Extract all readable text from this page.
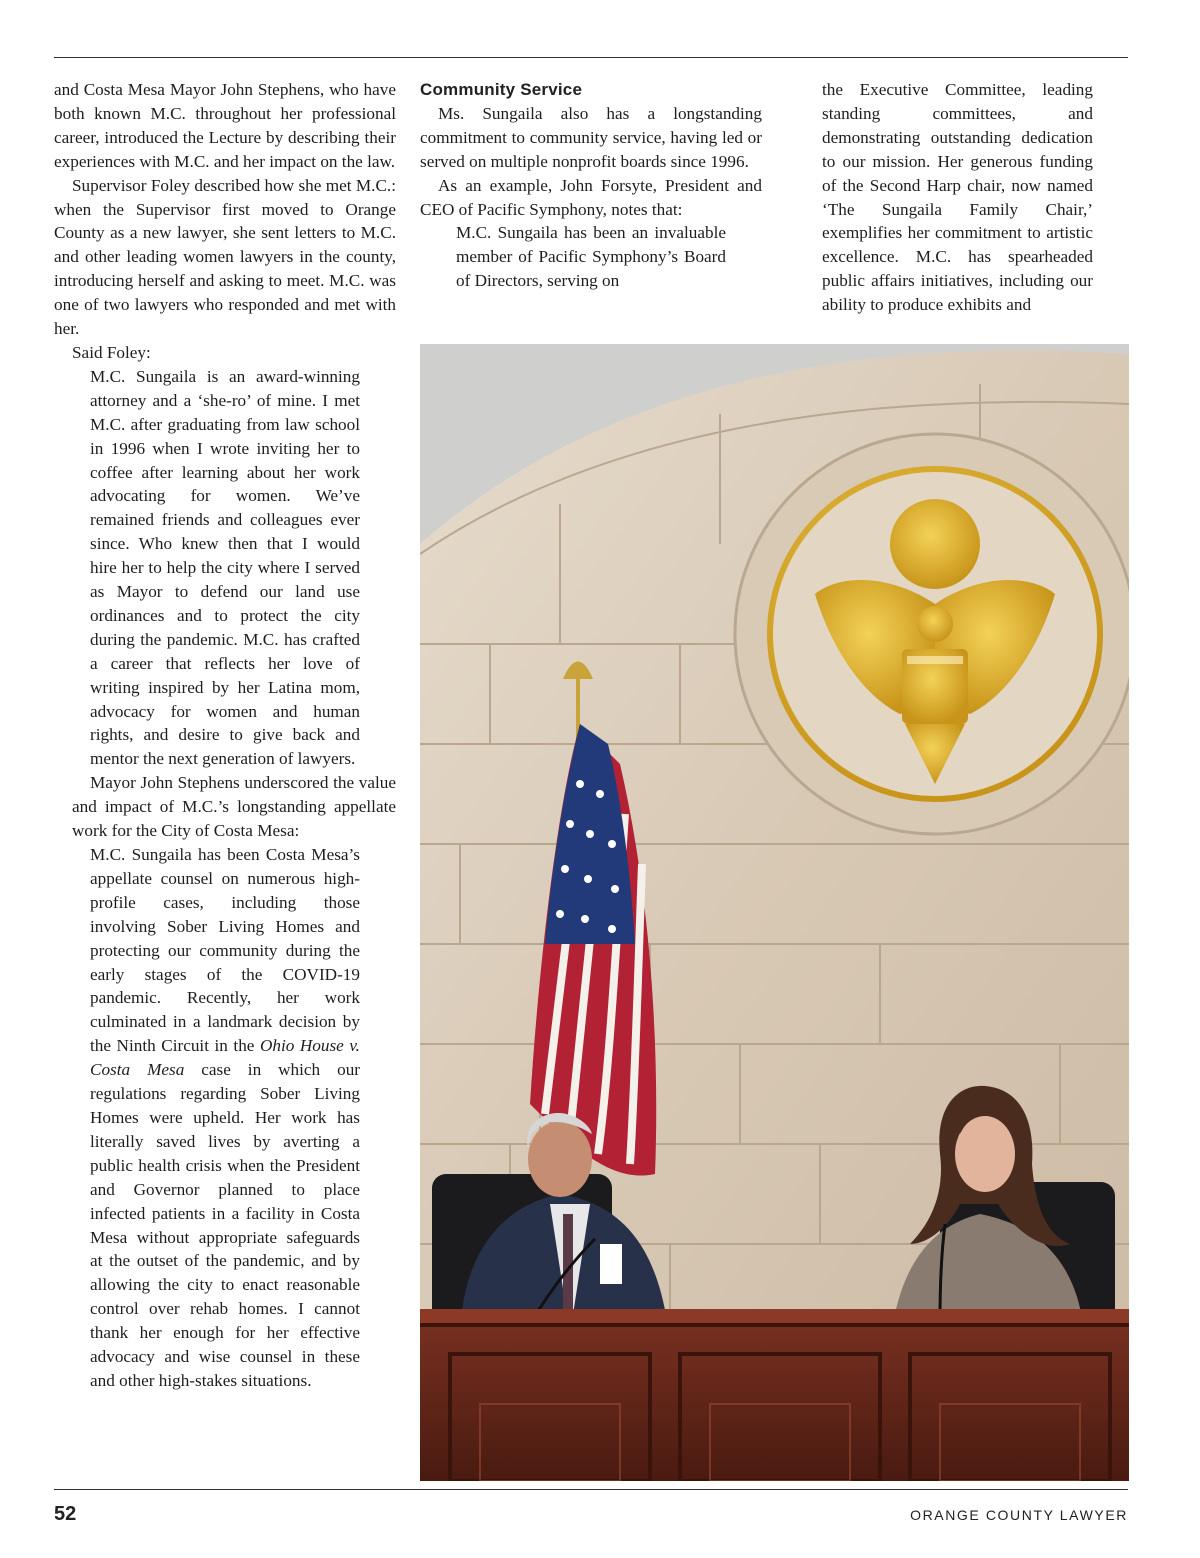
and Costa Mesa Mayor John Stephens, who have both known M.C. throughout her professional career, introduced the Lecture by describing their experiences with M.C. and her impact on the law.

Supervisor Foley described how she met M.C.: when the Supervisor first moved to Orange County as a new lawyer, she sent letters to M.C. and other leading women lawyers in the county, introducing herself and asking to meet. M.C. was one of two lawyers who responded and met with her.

Said Foley:

M.C. Sungaila is an award-winning attorney and a ‘she-ro’ of mine. I met M.C. after graduating from law school in 1996 when I wrote inviting her to coffee after learning about her work advocating for women. We’ve remained friends and colleagues ever since. Who knew then that I would hire her to help the city where I served as Mayor to defend our land use ordinances and to protect the city during the pandemic. M.C. has crafted a career that reflects her love of writing inspired by her Latina mom, advocacy for women and human rights, and desire to give back and mentor the next generation of lawyers.

Mayor John Stephens underscored the value and impact of M.C.’s longstanding appellate work for the City of Costa Mesa:

M.C. Sungaila has been Costa Mesa’s appellate counsel on numerous high-profile cases, including those involving Sober Living Homes and protecting our community during the early stages of the COVID-19 pandemic. Recently, her work culminated in a landmark decision by the Ninth Circuit in the Ohio House v. Costa Mesa case in which our regulations regarding Sober Living Homes were upheld. Her work has literally saved lives by averting a public health crisis when the President and Governor planned to place infected patients in a facility in Costa Mesa without appropriate safeguards at the outset of the pandemic, and by allowing the city to enact reasonable control over rehab homes. I cannot thank her enough for her effective advocacy and wise counsel in these and other high-stakes situations.

Community Service

Ms. Sungaila also has a longstanding commitment to community service, having led or served on multiple nonprofit boards since 1996.

As an example, John Forsyte, President and CEO of Pacific Symphony, notes that:

M.C. Sungaila has been an invaluable member of Pacific Symphony’s Board of Directors, serving on

the Executive Committee, leading standing committees, and demonstrating outstanding dedication to our mission. Her generous funding of the Second Harp chair, now named ‘The Sungaila Family Chair,’ exemplifies her commitment to artistic excellence. M.C. has spearheaded public affairs initiatives, including our ability to produce exhibits and

52	ORANGE COUNTY LAWYER
